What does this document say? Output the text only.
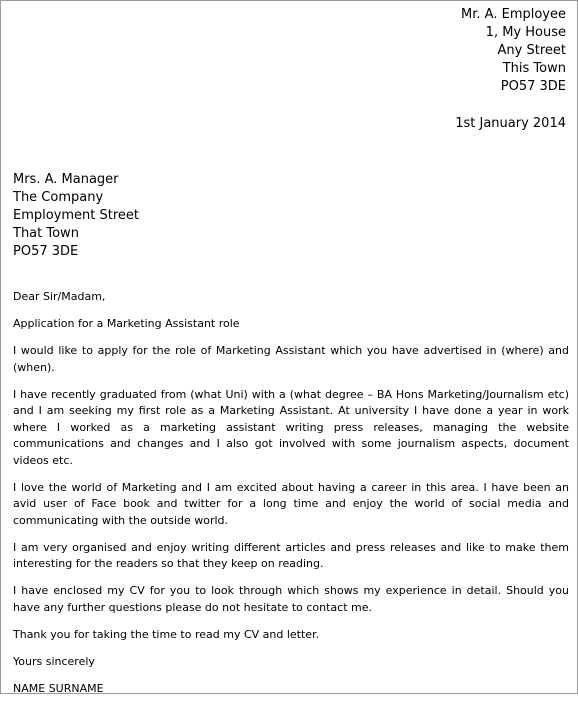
Mr. A. Employee
1, My House
Any Street
This Town
PO57 3DE
1st January 2014
Mrs. A. Manager
The Company
Employment Street
That Town
PO57 3DE

Dear Sir/Madam,

Application for a Marketing Assistant role

I would like to apply for the role of Marketing Assistant which you have advertised in (where) and (when).

I have recently graduated from (what Uni) with a (what degree – BA Hons Marketing/Journalism etc) and I am seeking my first role as a Marketing Assistant. At university I have done a year in work where I worked as a marketing assistant writing press releases, managing the website communications and changes and I also got involved with some journalism aspects, document videos etc.

I love the world of Marketing and I am excited about having a career in this area. I have been an avid user of Face book and twitter for a long time and enjoy the world of social media and communicating with the outside world.

I am very organised and enjoy writing different articles and press releases and like to make them interesting for the readers so that they keep on reading.

I have enclosed my CV for you to look through which shows my experience in detail. Should you have any further questions please do not hesitate to contact me.

Thank you for taking the time to read my CV and letter.

Yours sincerely

NAME SURNAME
